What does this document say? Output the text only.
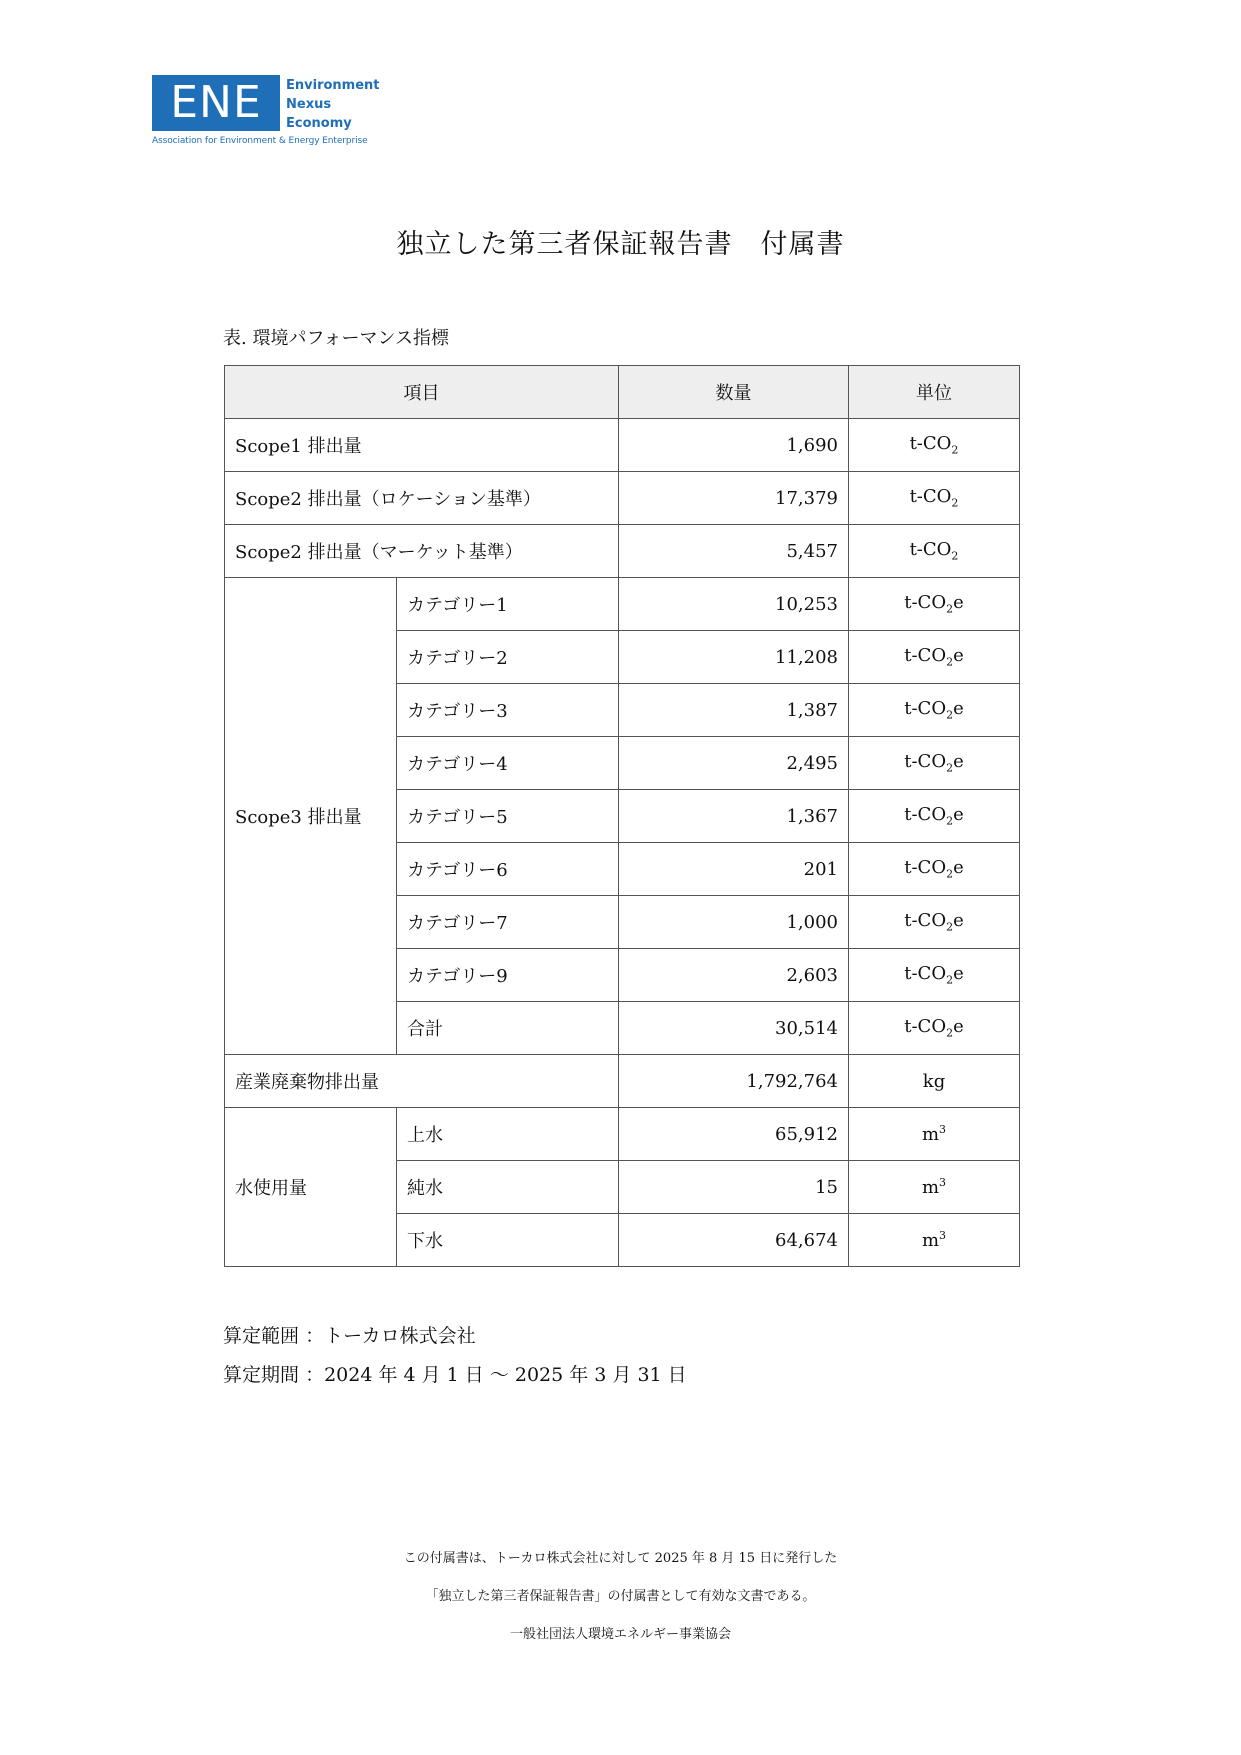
ENE	Environment
Nexus
Economy
Association for Environment & Energy Enterprise
独立した第三者保証報告書　付属書
表. 環境パフォーマンス指標
項目		数量	単位
Scope1 排出量		1,690	$t-CO_2$
Scope2 排出量（ロケーション基準）		17,379	$t-CO_2$
Scope2 排出量（マーケット基準）		5,457	$t-CO_2$
Scope3 排出量	カテゴリー1	10,253	$t-CO_2e$
	カテゴリー2	11,208	$t-CO_2e$
	カテゴリー3	1,387	$t-CO_2e$
	カテゴリー4	2,495	$t-CO_2e$
	カテゴリー5	1,367	$t-CO_2e$
	カテゴリー6	201	$t-CO_2e$
	カテゴリー7	1,000	$t-CO_2e$
	カテゴリー9	2,603	$t-CO_2e$
	合計	30,514	$t-CO_2e$
産業廃棄物排出量		1,792,764	kg
水使用量	上水	65,912	$m^3$
	純水	15	$m^3$
	下水	64,674	$m^3$
算定範囲 ：トーカロ株式会社
算定期間 ：2024 年 4 月 1 日 〜 2025 年 3 月 31 日
この付属書は、トーカロ株式会社に対して 2025 年 8 月 15 日に発行した
「独立した第三者保証報告書」の付属書として有効な文書である。
一般社団法人環境エネルギー事業協会
